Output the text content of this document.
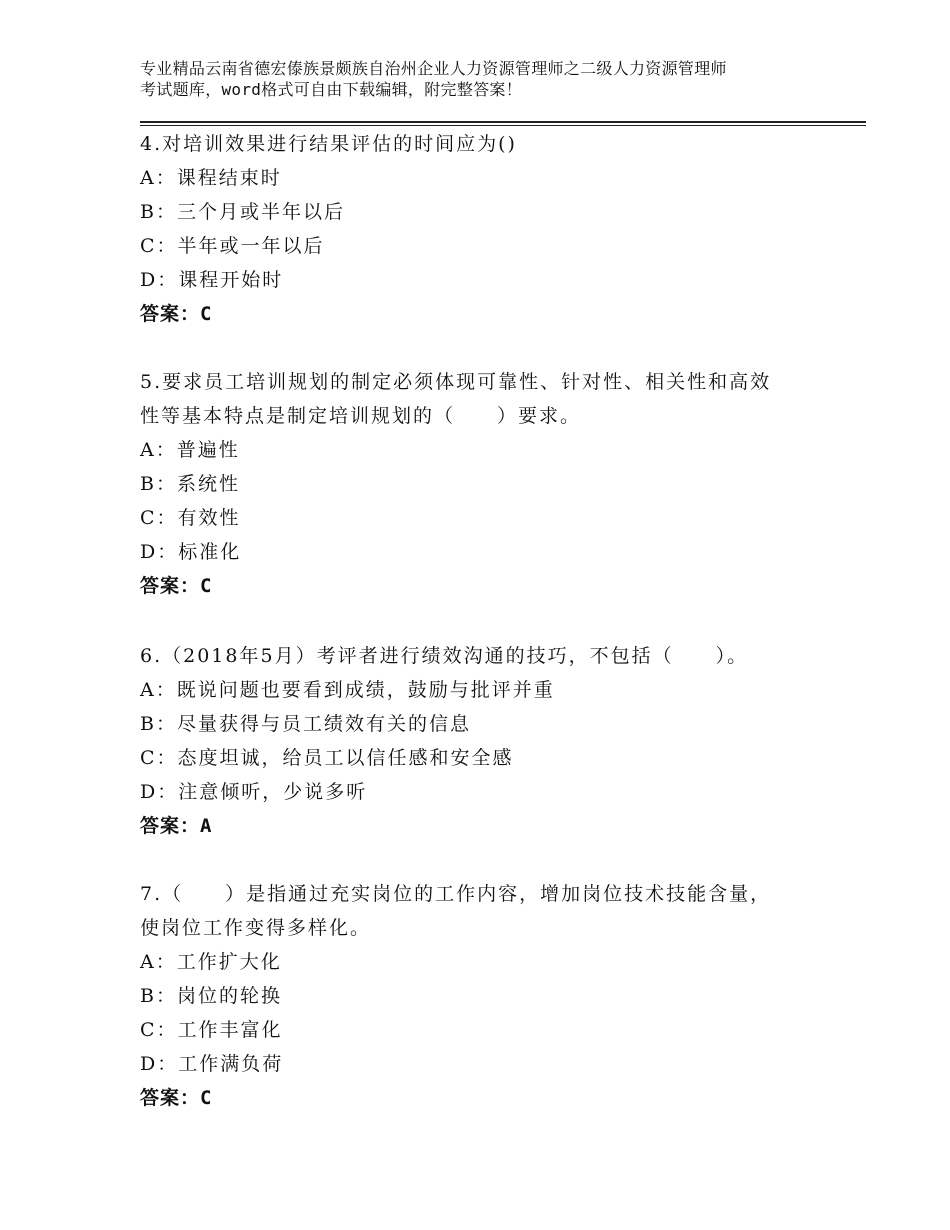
专业精品云南省德宏傣族景颇族自治州企业人力资源管理师之二级人力资源管理师
考试题库，word格式可自由下载编辑，附完整答案！

4.对培训效果进行结果评估的时间应为()

A：课程结束时

B：三个月或半年以后

C：半年或一年以后

D：课程开始时

答案：C

5.要求员工培训规划的制定必须体现可靠性、针对性、相关性和高效

性等基本特点是制定培训规划的（　　）要求。

A：普遍性

B：系统性

C：有效性

D：标准化

答案：C

6.（2018年5月）考评者进行绩效沟通的技巧，不包括（　　）。

A：既说问题也要看到成绩，鼓励与批评并重

B：尽量获得与员工绩效有关的信息

C：态度坦诚，给员工以信任感和安全感

D：注意倾听，少说多听

答案：A

7.（　　）是指通过充实岗位的工作内容，增加岗位技术技能含量，

使岗位工作变得多样化。

A：工作扩大化

B：岗位的轮换

C：工作丰富化

D：工作满负荷

答案：C
